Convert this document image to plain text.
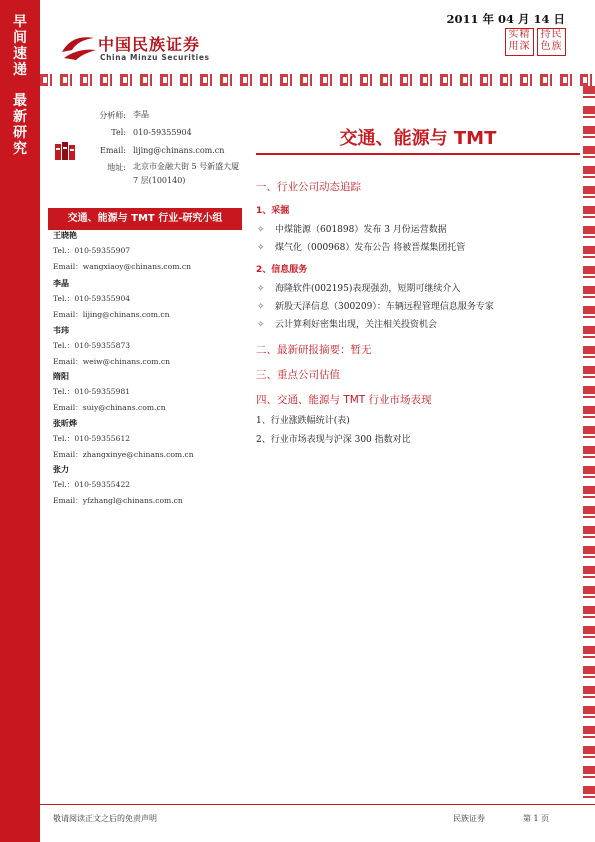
早间速递
最新研究
2011 年 04 月 14 日
中国民族证券
China Minzu Securities
实精 用深
持民 色族
分析师: 李晶
Tel: 010-59355904
Email: lijing@chinans.com.cn
地址: 北京市金融大街 5 号新盛大厦 7 层(100140)
交通、能源与 TMT 行业-研究小组
王晓艳
Tel.：010-59355907
Email：wangxiaoy@chinans.com.cn
李晶
Tel.：010-59355904
Email：lijing@chinans.com.cn
韦玮
Tel.：010-59355873
Email：weiw@chinans.com.cn
隋阳
Tel.：010-59355981
Email：suiy@chinans.com.cn
张昕烨
Tel.：010-59355612
Email：zhangxinye@chinans.com.cn
张力
Tel.：010-59355422
Email：yfzhangl@chinans.com.cn
交通、能源与 TMT
一、行业公司动态追踪
1、采掘
✧ 中煤能源（601898）发布 3 月份运营数据
✧ 煤气化（000968）发布公告 将被晋煤集团托管
2、信息服务
✧ 海隆软件(002195)表现强劲，短期可继续介入
✧ 新股天泽信息（300209）：车辆远程管理信息服务专家
✧ 云计算利好密集出现，关注相关投资机会
二、最新研报摘要：暂无
三、重点公司估值
四、交通、能源与 TMT 行业市场表现
1、行业涨跌幅统计(表)
2、行业市场表现与沪深 300 指数对比
敬请阅读正文之后的免责声明	民族证券	第 1 页
